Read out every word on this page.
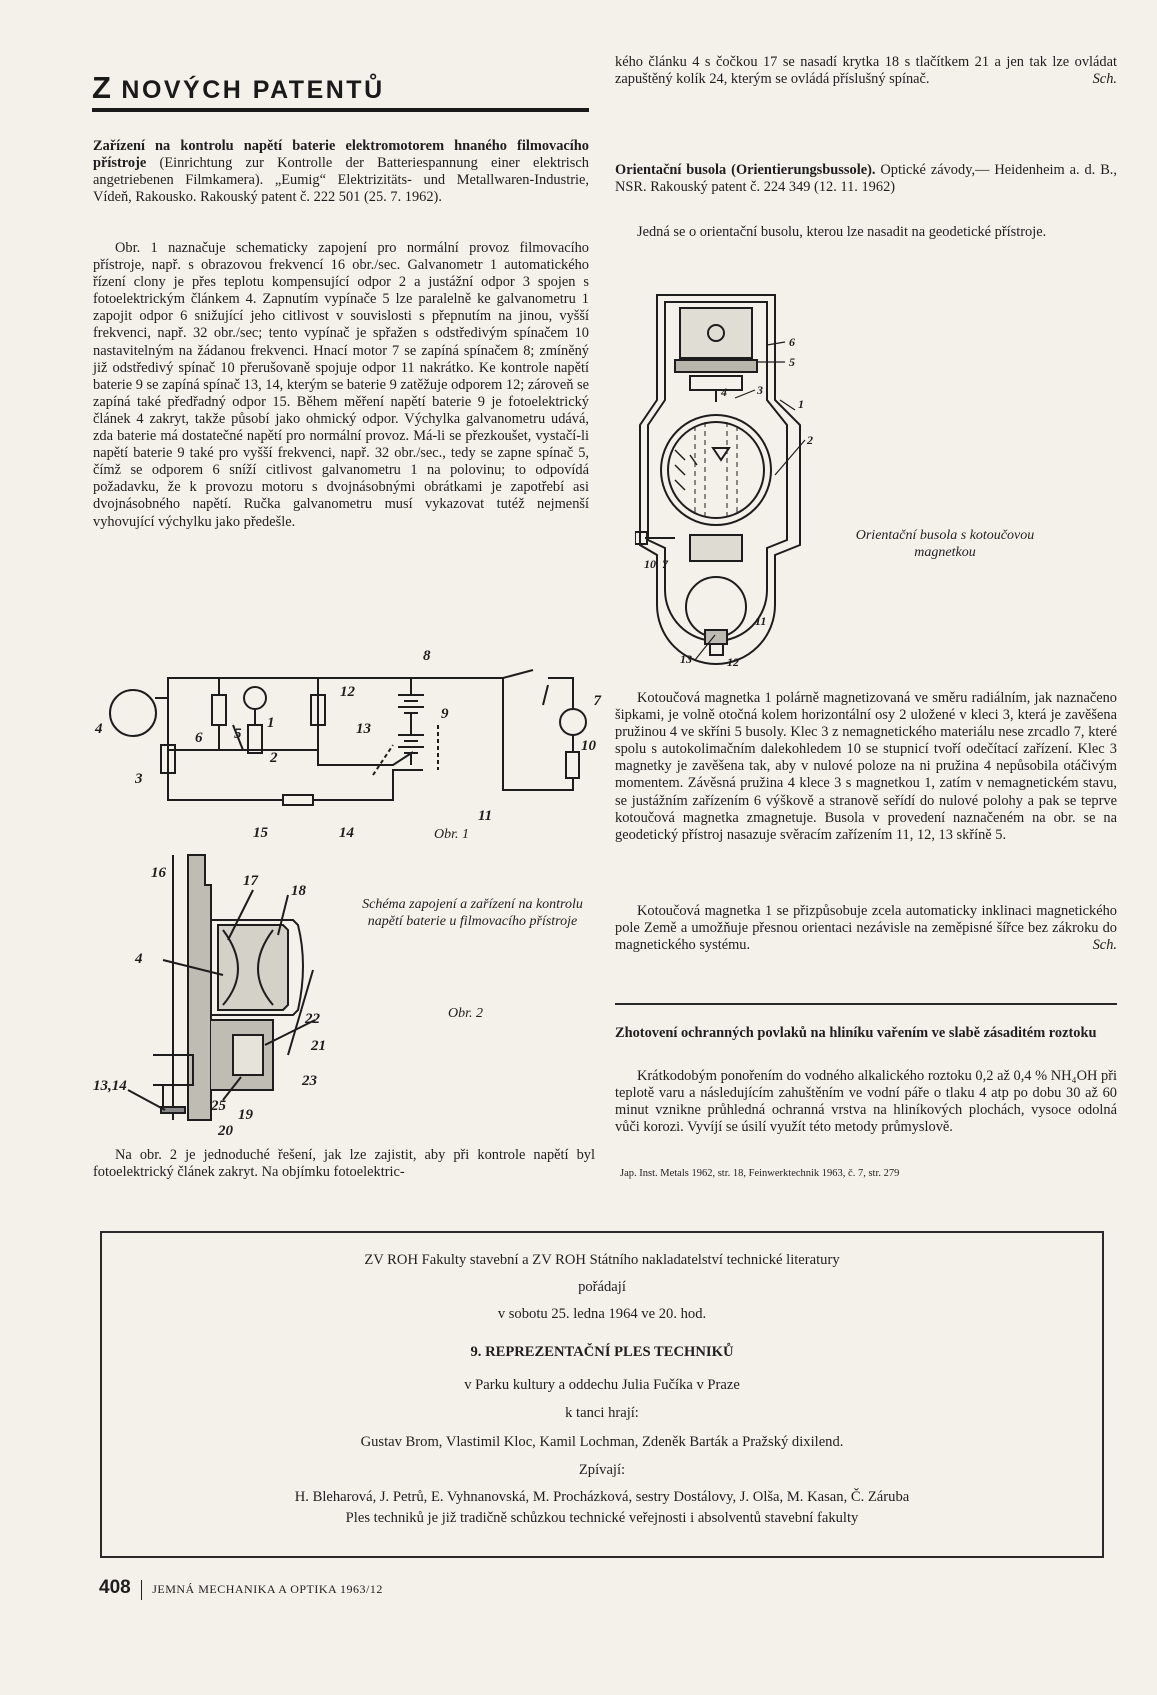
Z NOVÝCH PATENTŮ
Zařízení na kontrolu napětí baterie elektromotorem hnaného filmovacího přístroje (Einrichtung zur Kontrolle der Batteriespannung einer elektrisch angetriebenen Filmkamera). „Eumig“ Elektrizitäts- und Metallwaren-Industrie, Vídeň, Rakousko. Rakouský patent č. 222 501 (25. 7. 1962).

Obr. 1 naznačuje schematicky zapojení pro normální provoz filmovacího přístroje, např. s obrazovou frekvencí 16 obr./sec. Galvanometr 1 automatického řízení clony je přes teplotu kompensující odpor 2 a justážní odpor 3 spojen s fotoelektrickým článkem 4. Zapnutím vypínače 5 lze paralelně ke galvanometru 1 zapojit odpor 6 snižující jeho citlivost v souvislosti s přepnutím na jinou, vyšší frekvenci, např. 32 obr./sec; tento vypínač je spřažen s odstředivým spínačem 10 nastavitelným na žádanou frekvenci. Hnací motor 7 se zapíná spínačem 8; zmíněný již odstředivý spínač 10 přerušovaně spojuje odpor 11 nakrátko. Ke kontrole napětí baterie 9 se zapíná spínač 13, 14, kterým se baterie 9 zatěžuje odporem 12; zároveň se zapíná také předřadný odpor 15. Během měření napětí baterie 9 je fotoelektrický článek 4 zakryt, takže působí jako ohmický odpor. Výchylka galvanometru udává, zda baterie má dostatečné napětí pro normální provoz. Má-li se přezkoušet, vystačí-li napětí baterie 9 také pro vyšší frekvenci, např. 32 obr./sec., tedy se zapne spínač 5, čímž se odporem 6 sníží citlivost galvanometru 1 na polovinu; to odpovídá požadavku, že k provozu motoru s dvojnásobnými obrátkami je zapotřebí asi dvojnásobného napětí. Ručka galvanometru musí vykazovat tutéž nejmenší vyhovující výchylku jako předešle.

4
3
6 5
1
2
12
13
9
8
7
10
11
14
15	Obr. 1
Schéma zapojení a zařízení na kontrolu napětí baterie u filmovacího přístroje
16	17
18
4
22
21
23
13,14
25
19
20
Obr. 2

Na obr. 2 je jednoduché řešení, jak lze zajistit, aby při kontrole napětí byl fotoelektrický článek zakryt. Na objímku fotoelektric-

kého článku 4 s čočkou 17 se nasadí krytka 18 s tlačítkem 21 a jen tak lze ovládat zapuštěný kolík 24, kterým se ovládá příslušný spínač.	Sch.
Orientační busola (Orientierungsbussole). Optické závody,— Heidenheim a. d. B., NSR. Rakouský patent č. 224 349 (12. 11. 1962)

Jedná se o orientační busolu, kterou lze nasadit na geodetické přístroje.

6
5
4	3
1
2
10 7
11
13	12
Orientační busola s kotoučovou magnetkou

Kotoučová magnetka 1 polárně magnetizovaná ve směru radiálním, jak naznačeno šipkami, je volně otočná kolem horizontální osy 2 uložené v kleci 3, která je zavěšena pružinou 4 ve skříni 5 busoly. Klec 3 z nemagnetického materiálu nese zrcadlo 7, které spolu s autokolimačním dalekohledem 10 se stupnicí tvoří odečítací zařízení. Klec 3 magnetky je zavěšena tak, aby v nulové poloze na ni pružina 4 nepůsobila otáčivým momentem. Závěsná pružina 4 klece 3 s magnetkou 1, zatím v nemagnetickém stavu, se justážním zařízením 6 výškově a stranově seřídí do nulové polohy a pak se teprve kotoučová magnetka zmagnetuje. Busola v provedení naznačeném na obr. se na geodetický přístroj nasazuje svěracím zařízením 11, 12, 13 skříně 5.

Kotoučová magnetka 1 se přizpůsobuje zcela automaticky inklinaci magnetického pole Země a umožňuje přesnou orientaci nezávisle na zeměpisné šířce bez zákroku do magnetického systému.	Sch.

Zhotovení ochranných povlaků na hliníku vařením ve slabě zásaditém roztoku

Krátkodobým ponořením do vodného alkalického roztoku 0,2 až 0,4 % NH₄OH při teplotě varu a následujícím zahuštěním ve vodní páře o tlaku 4 atp po dobu 30 až 60 minut vznikne průhledná ochranná vrstva na hliníkových plochách, vysoce odolná vůči korozi. Vyvíjí se úsilí využít této metody průmyslově.

Jap. Inst. Metals 1962, str. 18, Feinwerktechnik 1963, č. 7, str. 279

ZV ROH Fakulty stavební a ZV ROH Státního nakladatelství technické literatury

pořádají

v sobotu 25. ledna 1964 ve 20. hod.

9. REPREZENTAČNÍ PLES TECHNIKŮ

v Parku kultury a oddechu Julia Fučíka v Praze

k tanci hrají:

Gustav Brom, Vlastimil Kloc, Kamil Lochman, Zdeněk Barták a Pražský dixilend.

Zpívají:

H. Bleharová, J. Petrů, E. Vyhnanovská, M. Procházková, sestry Dostálovy, J. Olša, M. Kasan, Č. Záruba

Ples techniků je již tradičně schůzkou technické veřejnosti i absolventů stavební fakulty

408 JEMNÁ MECHANIKA A OPTIKA 1963/12
